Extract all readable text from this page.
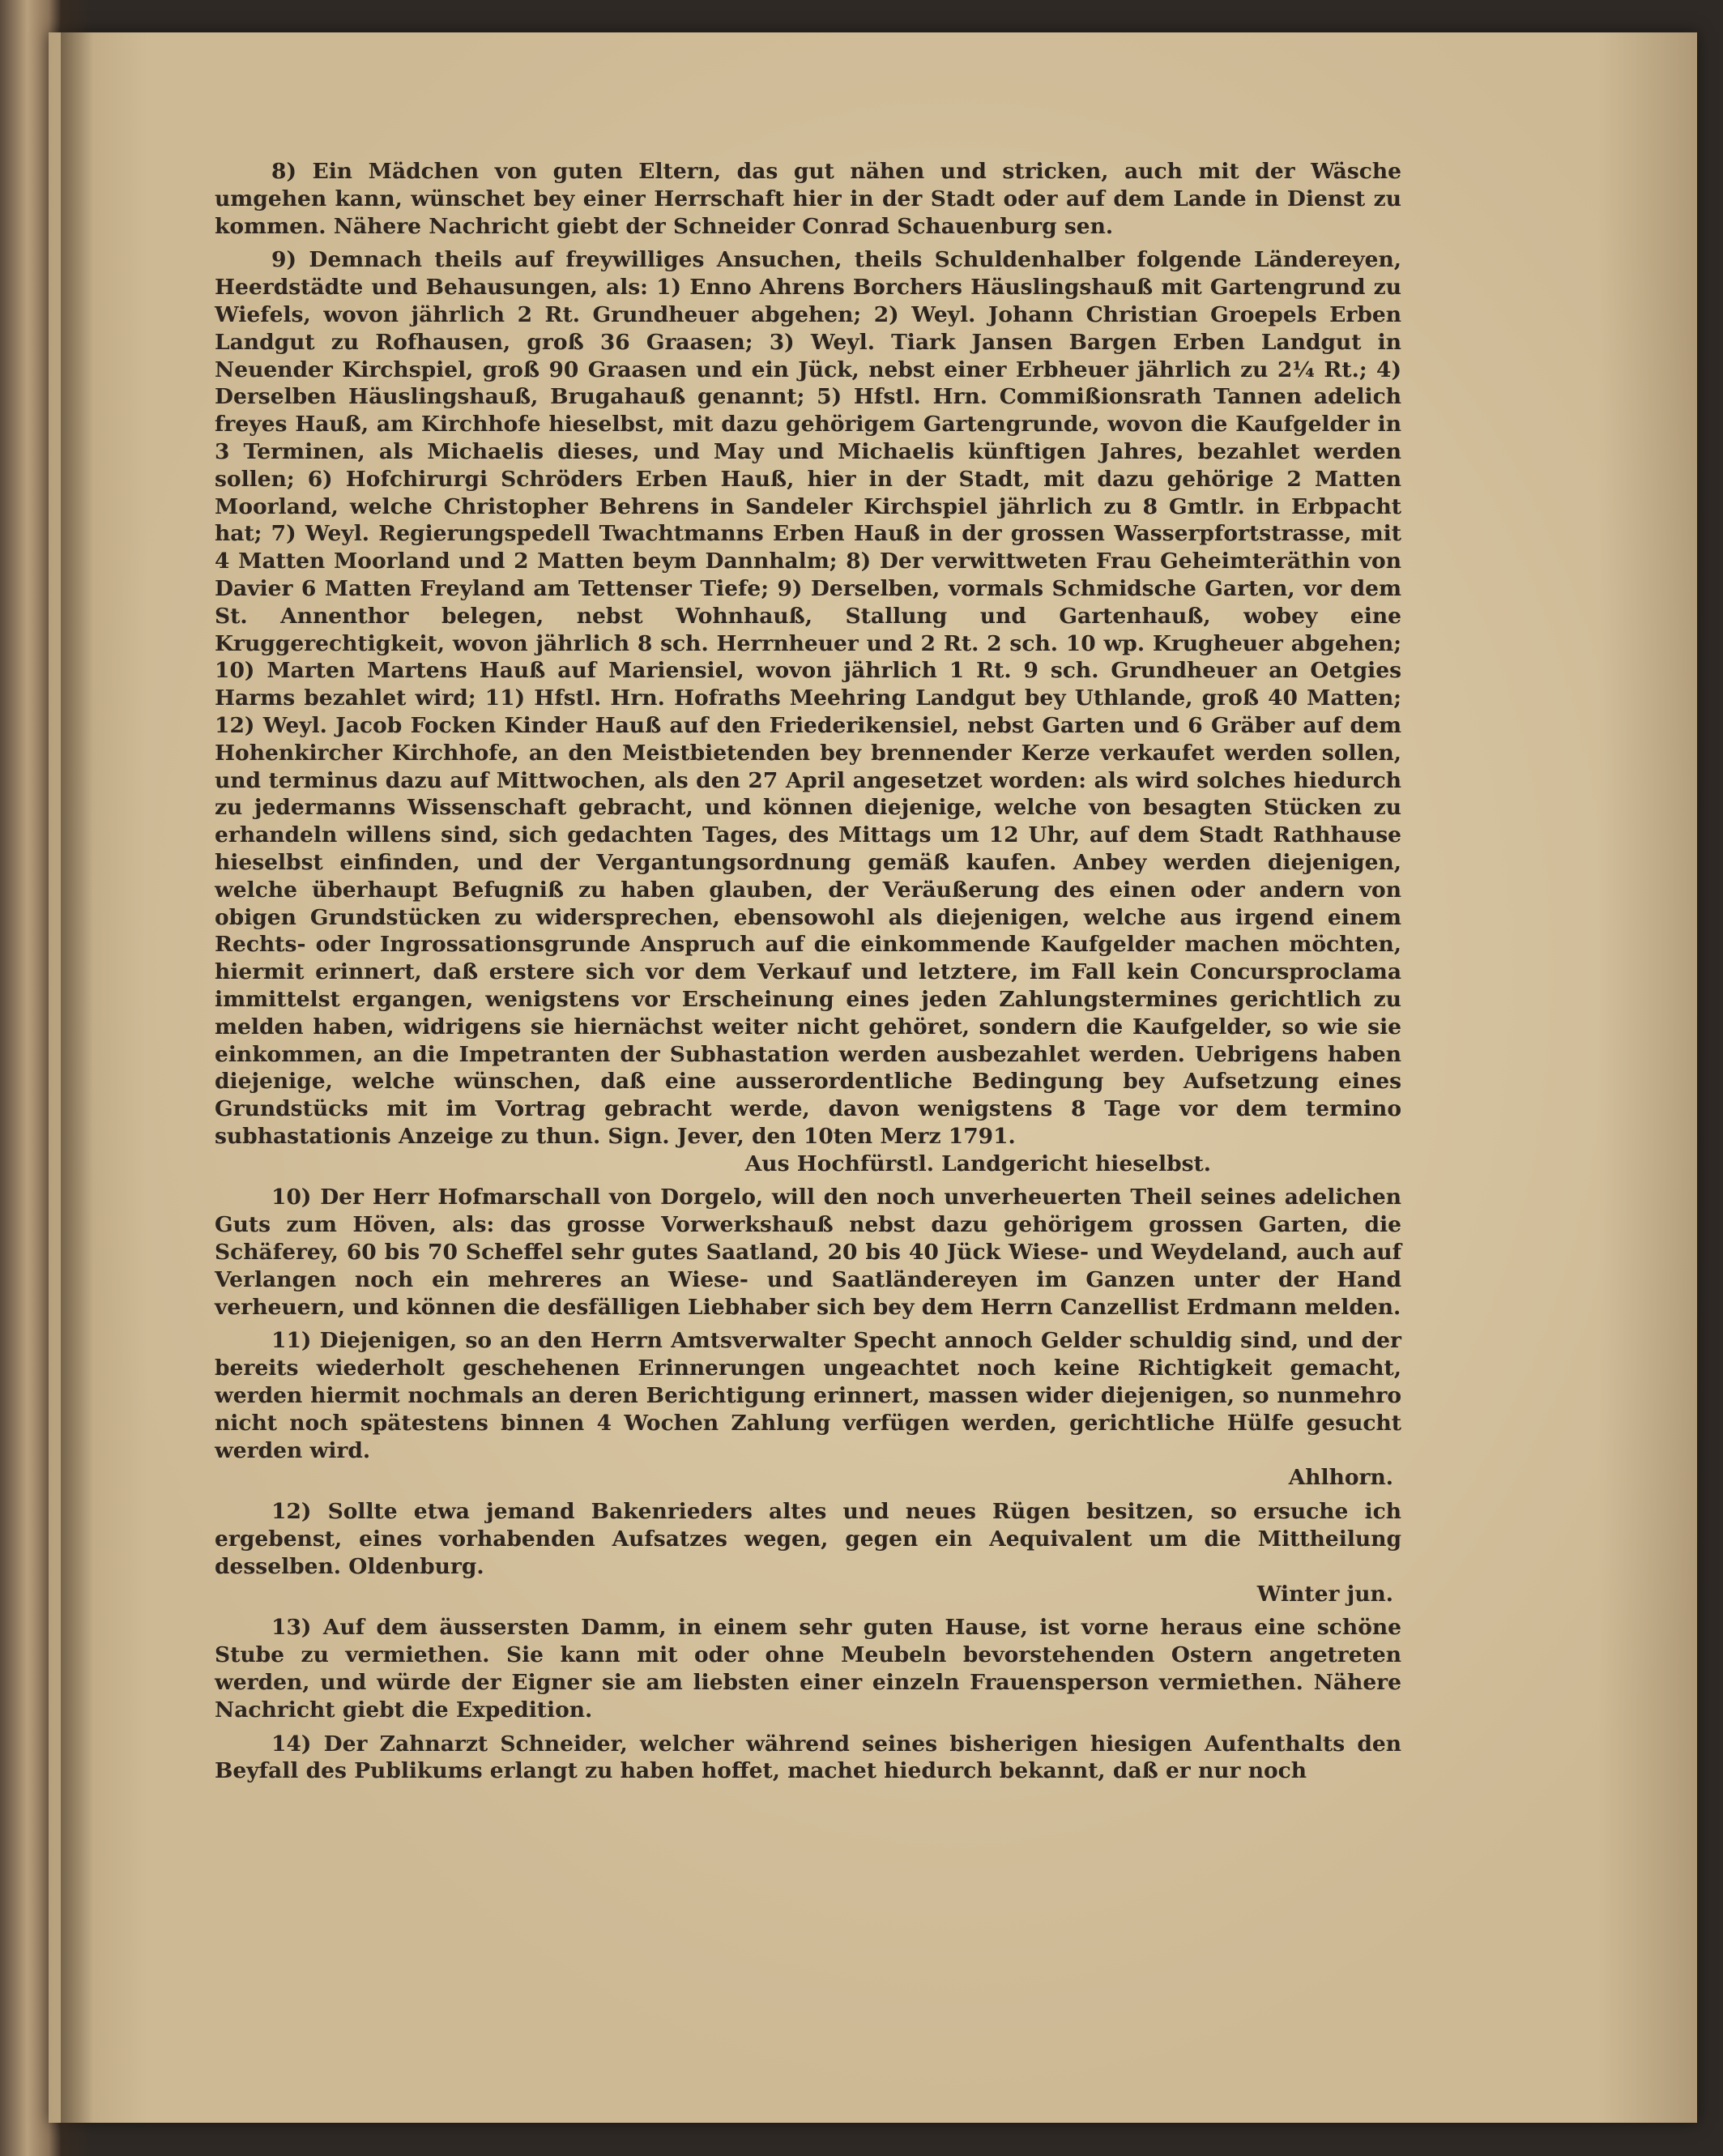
8) Ein Mädchen von guten Eltern, das gut nähen und stricken, auch mit der Wäsche umgehen kann, wünschet bey einer Herrschaft hier in der Stadt oder auf dem Lande in Dienst zu kommen. Nähere Nachricht giebt der Schneider Conrad Schauenburg sen.

9) Demnach theils auf freywilliges Ansuchen, theils Schuldenhalber folgende Ländereyen, Heerdstädte und Behausungen, als: 1) Enno Ahrens Borchers Häuslingshauß mit Gartengrund zu Wiefels, wovon jährlich 2 Rt. Grundheuer abgehen; 2) Weyl. Johann Christian Groepels Erben Landgut zu Rofhausen, groß 36 Graasen; 3) Weyl. Tiark Jansen Bargen Erben Landgut in Neuender Kirchspiel, groß 90 Graasen und ein Jück, nebst einer Erbheuer jährlich zu 2¼ Rt.; 4) Derselben Häuslingshauß, Brugahauß genannt; 5) Hfstl. Hrn. Commißionsrath Tannen adelich freyes Hauß, am Kirchhofe hieselbst, mit dazu gehörigem Gartengrunde, wovon die Kaufgelder in 3 Terminen, als Michaelis dieses, und May und Michaelis künftigen Jahres, bezahlet werden sollen; 6) Hofchirurgi Schröders Erben Hauß, hier in der Stadt, mit dazu gehörige 2 Matten Moorland, welche Christopher Behrens in Sandeler Kirchspiel jährlich zu 8 Gmtlr. in Erbpacht hat; 7) Weyl. Regierungspedell Twachtmanns Erben Hauß in der grossen Wasserpfortstrasse, mit 4 Matten Moorland und 2 Matten beym Dannhalm; 8) Der verwittweten Frau Geheimteräthin von Davier 6 Matten Freyland am Tettenser Tiefe; 9) Derselben, vormals Schmidsche Garten, vor dem St. Annenthor belegen, nebst Wohnhauß, Stallung und Gartenhauß, wobey eine Kruggerechtigkeit, wovon jährlich 8 sch. Herrnheuer und 2 Rt. 2 sch. 10 wp. Krugheuer abgehen; 10) Marten Martens Hauß auf Mariensiel, wovon jährlich 1 Rt. 9 sch. Grundheuer an Oetgies Harms bezahlet wird; 11) Hfstl. Hrn. Hofraths Meehring Landgut bey Uthlande, groß 40 Matten; 12) Weyl. Jacob Focken Kinder Hauß auf den Friederikensiel, nebst Garten und 6 Gräber auf dem Hohenkircher Kirchhofe, an den Meistbietenden bey brennender Kerze verkaufet werden sollen, und terminus dazu auf Mittwochen, als den 27 April angesetzet worden: als wird solches hiedurch zu jedermanns Wissenschaft gebracht, und können diejenige, welche von besagten Stücken zu erhandeln willens sind, sich gedachten Tages, des Mittags um 12 Uhr, auf dem Stadt Rathhause hieselbst einfinden, und der Vergantungsordnung gemäß kaufen. Anbey werden diejenigen, welche überhaupt Befugniß zu haben glauben, der Veräußerung des einen oder andern von obigen Grundstücken zu widersprechen, ebensowohl als diejenigen, welche aus irgend einem Rechts- oder Ingrossationsgrunde Anspruch auf die einkommende Kaufgelder machen möchten, hiermit erinnert, daß erstere sich vor dem Verkauf und letztere, im Fall kein Concursproclama immittelst ergangen, wenigstens vor Erscheinung eines jeden Zahlungstermines gerichtlich zu melden haben, widrigens sie hiernächst weiter nicht gehöret, sondern die Kaufgelder, so wie sie einkommen, an die Impetranten der Subhastation werden ausbezahlet werden. Uebrigens haben diejenige, welche wünschen, daß eine ausserordentliche Bedingung bey Aufsetzung eines Grundstücks mit im Vortrag gebracht werde, davon wenigstens 8 Tage vor dem termino subhastationis Anzeige zu thun. Sign. Jever, den 10ten Merz 1791.

Aus Hochfürstl. Landgericht hieselbst.

10) Der Herr Hofmarschall von Dorgelo, will den noch unverheuerten Theil seines adelichen Guts zum Höven, als: das grosse Vorwerkshauß nebst dazu gehörigem grossen Garten, die Schäferey, 60 bis 70 Scheffel sehr gutes Saatland, 20 bis 40 Jück Wiese- und Weydeland, auch auf Verlangen noch ein mehreres an Wiese- und Saatländereyen im Ganzen unter der Hand verheuern, und können die desfälligen Liebhaber sich bey dem Herrn Canzellist Erdmann melden.

11) Diejenigen, so an den Herrn Amtsverwalter Specht annoch Gelder schuldig sind, und der bereits wiederholt geschehenen Erinnerungen ungeachtet noch keine Richtigkeit gemacht, werden hiermit nochmals an deren Berichtigung erinnert, massen wider diejenigen, so nunmehro nicht noch spätestens binnen 4 Wochen Zahlung verfügen werden, gerichtliche Hülfe gesucht werden wird.

Ahlhorn.

12) Sollte etwa jemand Bakenrieders altes und neues Rügen besitzen, so ersuche ich ergebenst, eines vorhabenden Aufsatzes wegen, gegen ein Aequivalent um die Mittheilung desselben. Oldenburg.

Winter jun.

13) Auf dem äussersten Damm, in einem sehr guten Hause, ist vorne heraus eine schöne Stube zu vermiethen. Sie kann mit oder ohne Meubeln bevorstehenden Ostern angetreten werden, und würde der Eigner sie am liebsten einer einzeln Frauensperson vermiethen. Nähere Nachricht giebt die Expedition.

14) Der Zahnarzt Schneider, welcher während seines bisherigen hiesigen Aufenthalts den Beyfall des Publikums erlangt zu haben hoffet, machet hiedurch bekannt, daß er nur noch
